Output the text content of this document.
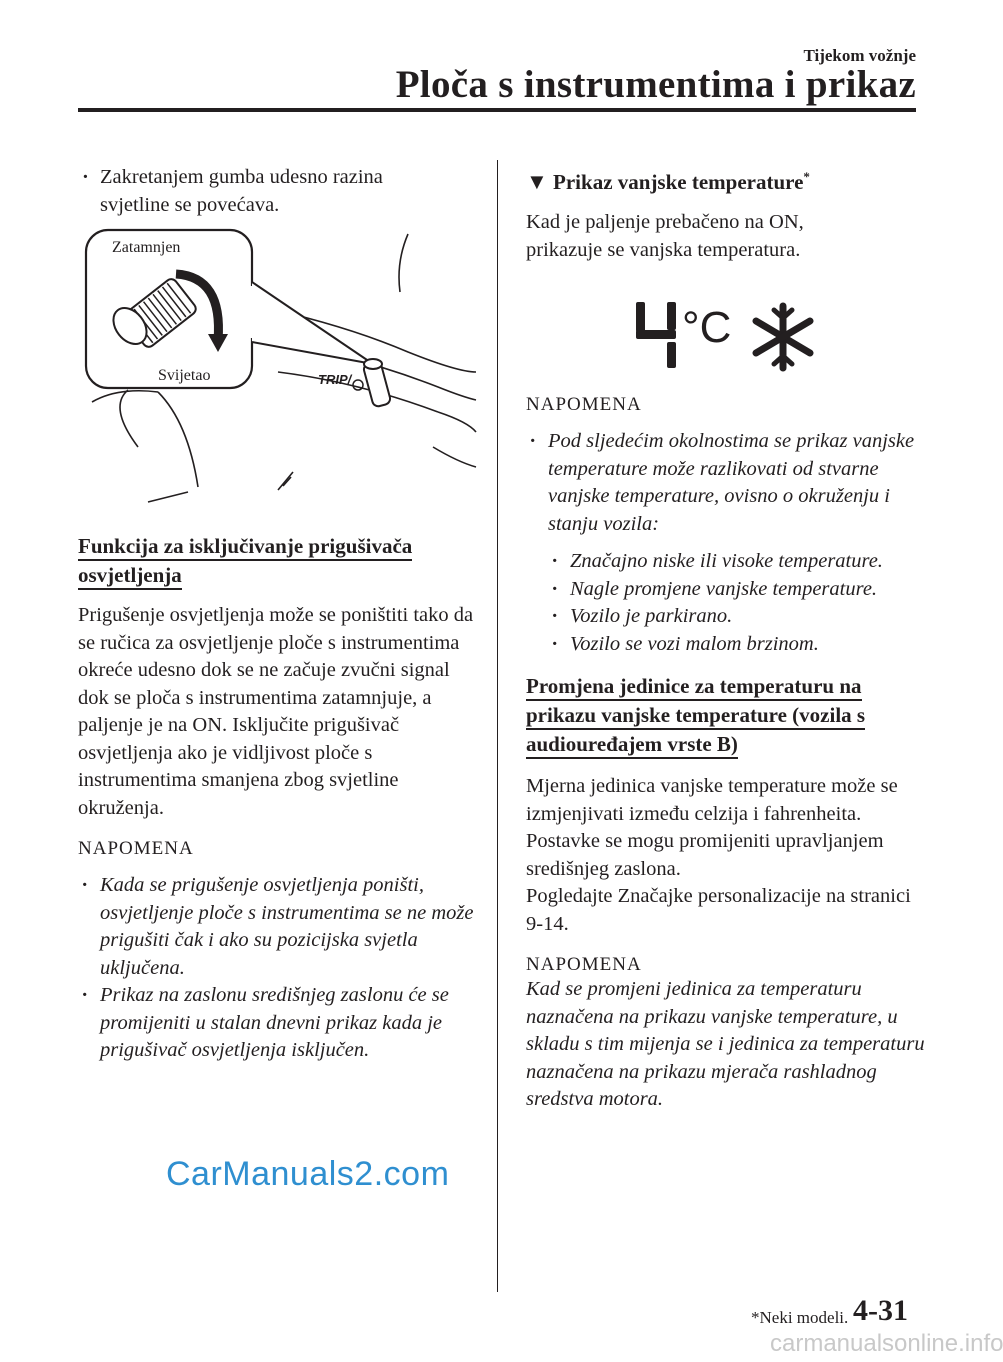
Tijekom vožnje
Ploča s instrumentima i prikaz

· Zakretanjem gumba udesno razina svjetline se povećava.

TRIP/
Zatamnjen
Svijetao

Funkcija za isključivanje prigušivača osvjetljenja

Prigušenje osvjetljenja može se poništiti tako da se ručica za osvjetljenje ploče s instrumentima okreće udesno dok se ne začuje zvučni signal dok se ploča s instrumentima zatamnjuje, a paljenje je na ON. Isključite prigušivač osvjetljenja ako je vidljivost ploče s instrumentima smanjena zbog svjetline okruženja.

NAPOMENA

· Kada se prigušenje osvjetljenja poništi, osvjetljenje ploče s instrumentima se ne može prigušiti čak i ako su pozicijska svjetla uključena.

· Prikaz na zaslonu središnjeg zaslonu će se promijeniti u stalan dnevni prikaz kada je prigušivač osvjetljenja isključen.

▼ Prikaz vanjske temperature*

Kad je paljenje prebačeno na ON, prikazuje se vanjska temperatura.

°C

NAPOMENA

· Pod sljedećim okolnostima se prikaz vanjske temperature može razlikovati od stvarne vanjske temperature, ovisno o okruženju i stanju vozila:

· Značajno niske ili visoke temperature.

· Nagle promjene vanjske temperature.

· Vozilo je parkirano.

· Vozilo se vozi malom brzinom.

Promjena jedinice za temperaturu na prikazu vanjske temperature (vozila s audiouređajem vrste B)

Mjerna jedinica vanjske temperature može se izmjenjivati između celzija i fahrenheita.

Postavke se mogu promijeniti upravljanjem središnjeg zaslona.

Pogledajte Značajke personalizacije na stranici 9-14.

NAPOMENA

Kad se promjeni jedinica za temperaturu naznačena na prikazu vanjske temperature, u skladu s tim mijenja se i jedinica za temperaturu naznačena na prikazu mjerača rashladnog sredstva motora.

CarManuals2.com
*Neki modeli. 4-31
carmanualsonline.info
